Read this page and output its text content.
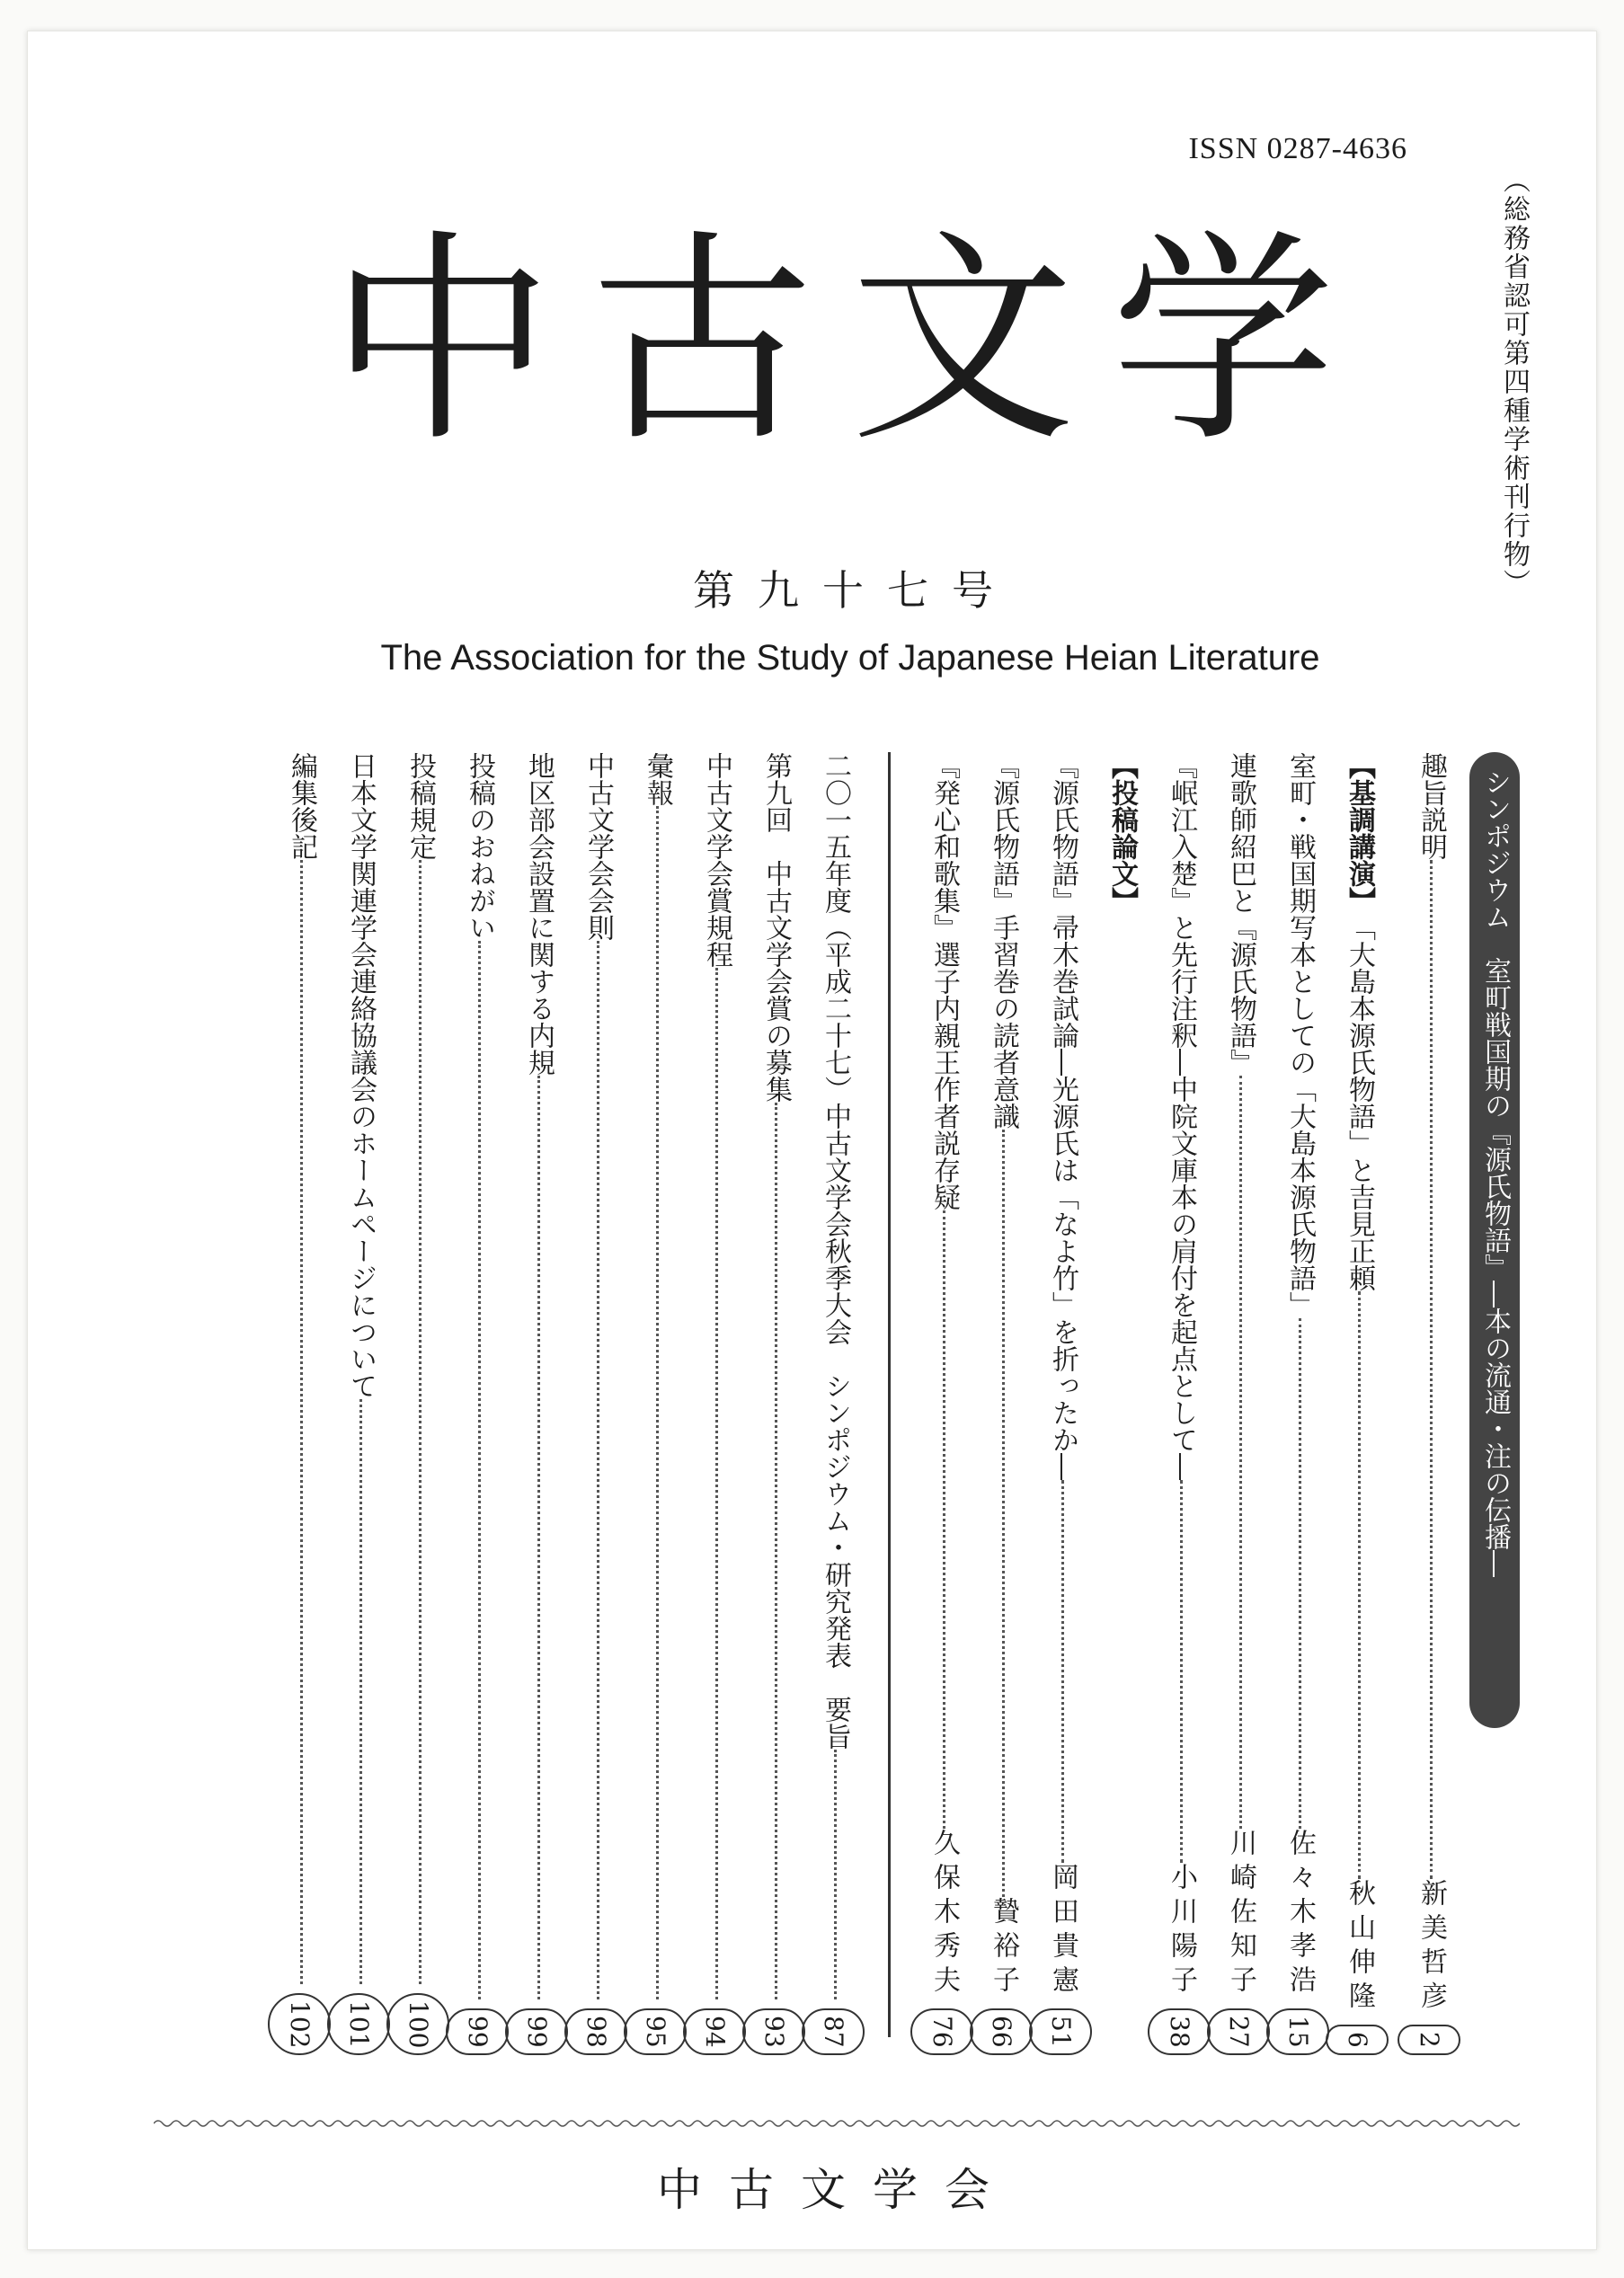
ISSN 0287-4636
（総務省認可第四種学術刊行物）
中古文学
第九十七号
The Association for the Study of Japanese Heian Literature
シンポジウム　室町戦国期の『源氏物語』―本の流通・注の伝播―
趣旨説明
新美哲彦
2
【基調講演】
「大島本源氏物語」と吉見正頼
秋山伸隆
6
室町・戦国期写本としての「大島本源氏物語」
佐々木孝浩
15
連歌師紹巴と『源氏物語』
川崎佐知子
27
『岷江入楚』と先行注釈―中院文庫本の肩付を起点として―
小川陽子
38
【投稿論文】
『源氏物語』帚木巻試論―光源氏は「なよ竹」を折ったか―
岡田貴憲
51
『源氏物語』手習巻の読者意識
贄裕子
66
『発心和歌集』選子内親王作者説存疑
久保木秀夫
76
二〇一五年度（平成二十七）中古文学会秋季大会　シンポジウム・研究発表　要旨
87
第九回　中古文学会賞の募集
93
中古文学会賞規程
94
彙報
95
中古文学会会則
98
地区部会設置に関する内規
99
投稿のおねがい
99
投稿規定
100
日本文学関連学会連絡協議会のホームページについて
101
編集後記
102
中古文学会
